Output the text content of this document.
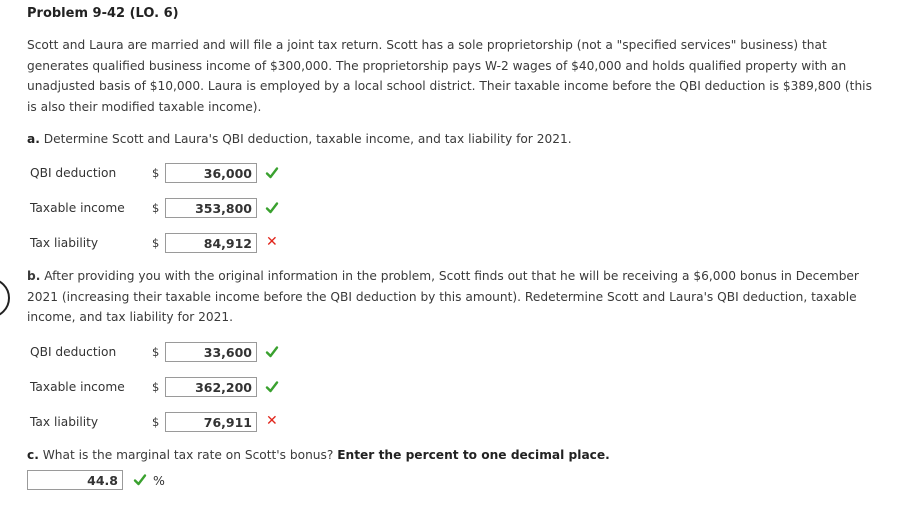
Problem 9-42 (LO. 6)
Scott and Laura are married and will file a joint tax return. Scott has a sole proprietorship (not a "specified services" business) that
generates qualified business income of $300,000. The proprietorship pays W-2 wages of $40,000 and holds qualified property with an
unadjusted basis of $10,000. Laura is employed by a local school district. Their taxable income before the QBI deduction is $389,800 (this
is also their modified taxable income).
a. Determine Scott and Laura's QBI deduction, taxable income, and tax liability for 2021.
QBI deduction	$	36,000
Taxable income $	353,800
Tax liability	$	84,912	✕
b. After providing you with the original information in the problem, Scott finds out that he will be receiving a $6,000 bonus in December
2021 (increasing their taxable income before the QBI deduction by this amount). Redetermine Scott and Laura's QBI deduction, taxable
income, and tax liability for 2021.
QBI deduction	$	33,600
Taxable income $	362,200
Tax liability	$	76,911	✕
c. What is the marginal tax rate on Scott's bonus? Enter the percent to one decimal place.
44.8	%
